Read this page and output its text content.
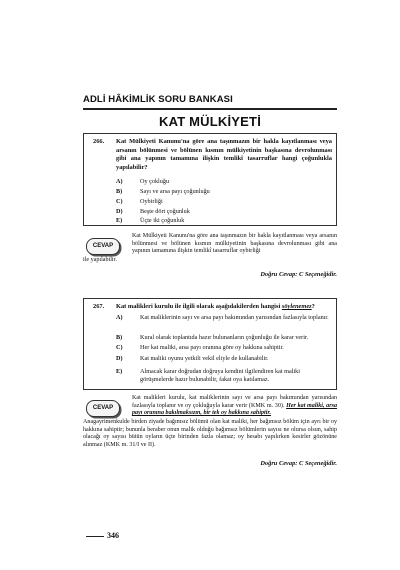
ADLİ HÂKİMLİK SORU BANKASI
KAT MÜLKİYETİ
266. Kat Mülkiyeti Kanunu'na göre ana taşınmazın bir hakla kayıtlanması veya arsanın bölünmesi ve bölünen kısmın mülkiyetinin başkasına devrolunması gibi ana yapının tamamına ilişkin temlikî tasarruflar hangi çoğunlukla yapılabilir?
A)	Oy çokluğu
B)	Sayı ve arsa payı çoğunluğu
C)	Oybirliği
D)	Beşte dört çoğunluk
E)	Üçte iki çoğunluk
CEVAP
Kat Mülkiyeti Kanunu'na göre ana taşınmazın bir hakla kayıtlanması veya arsanın bölünmesi ve bölünen kısmın mülkiyetinin başkasına devrolunması gibi ana yapının tamamına ilişkin temlikî tasarruflar oybirliği
ile yapılabilir.
Doğru Cevap: C Seçeneğidir.
267. Kat malikleri kurulu ile ilgili olarak aşağıdakilerden hangisi söylenemez?
A)	Kat maliklerinin sayı ve arsa payı bakımından yarısından fazlasıyla toplanır.
B)	Kural olarak toplantıda hazır bulunanların çoğunluğu ile karar verir.
C)	Her kat maliki, arsa payı oranına göre oy hakkına sahiptir.
D)	Kat maliki oyunu yetkili vekil eliyle de kullanabilir.
E)	Almacak karar doğrudan doğruya kendini ilgilendiren kat maliki görüşmelerde hazır bulunabilir, fakat oya katılamaz.
CEVAP
Kat malikleri kurulu, kat maliklerinin sayı ve arsa payı bakımından yarısından fazlasıyla toplanır ve oy çokluğuyla karar verir (KMK m. 30). Her kat maliki, arsa payı oranına bakılmaksızın, bir tek oy hakkına sahiptir.
Anagayrimenkulde birden ziyade bağımsız bölümü olan kat maliki, her bağımsız bölüm için ayrı bir oy hakkına sahiptir; bununla beraber onun malik olduğu bağımsız bölümlerin sayısı ne olursa olsun, sahip olacağı oy sayısı bütün oyların üçte birinden fazla olamaz; oy hesabı yapılırken kesirler gözönüne alınmaz (KMK m. 31/I ve II).
Doğru Cevap: C Seçeneğidir.
346
